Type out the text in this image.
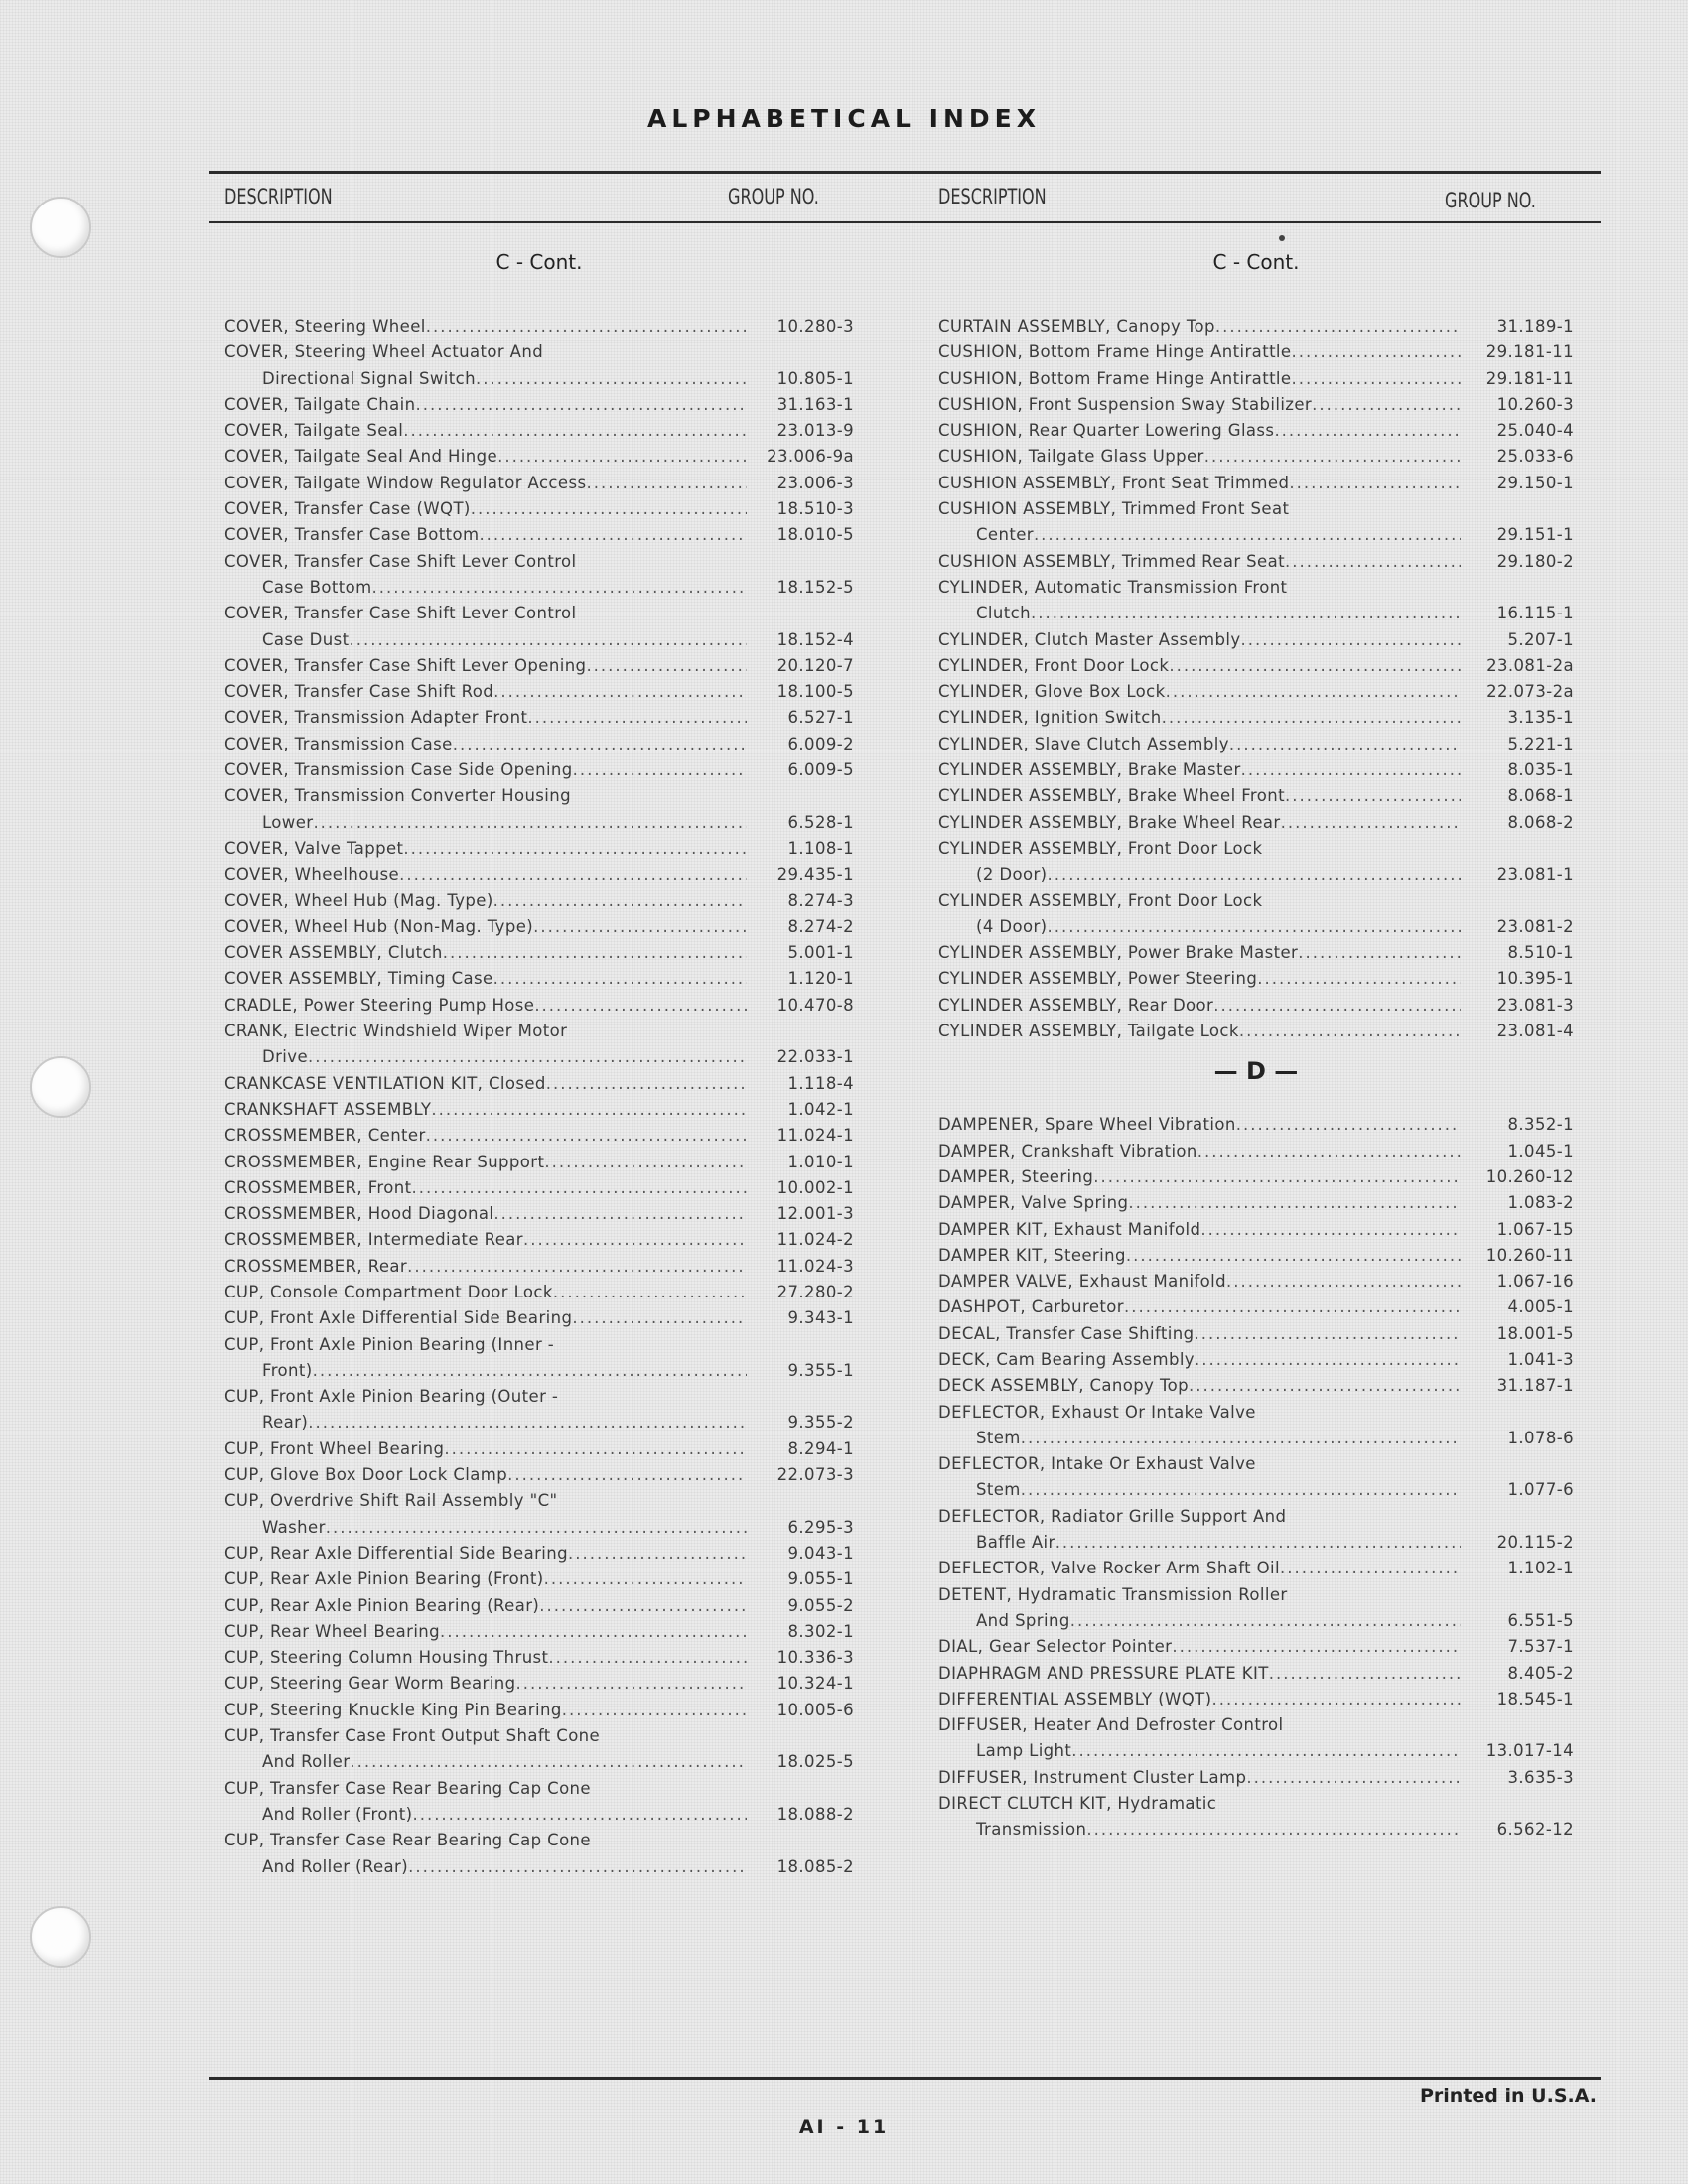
ALPHABETICAL INDEX
DESCRIPTION	GROUP NO.	DESCRIPTION	GROUP NO.
C - Cont.
COVER, Steering Wheel .....	10.280-3
COVER, Steering Wheel Actuator And
Directional Signal Switch .....	10.805-1
COVER, Tailgate Chain .....	31.163-1
COVER, Tailgate Seal .....	23.013-9
COVER, Tailgate Seal And Hinge .....	23.006-9a
COVER, Tailgate Window Regulator Access .....	23.006-3
COVER, Transfer Case (WQT) .....	18.510-3
COVER, Transfer Case Bottom .....	18.010-5
COVER, Transfer Case Shift Lever Control
Case Bottom .....	18.152-5
COVER, Transfer Case Shift Lever Control
Case Dust .....	18.152-4
COVER, Transfer Case Shift Lever Opening .....	20.120-7
COVER, Transfer Case Shift Rod .....	18.100-5
COVER, Transmission Adapter Front .....	6.527-1
COVER, Transmission Case .....	6.009-2
COVER, Transmission Case Side Opening .....	6.009-5
COVER, Transmission Converter Housing
Lower .....	6.528-1
COVER, Valve Tappet .....	1.108-1
COVER, Wheelhouse .....	29.435-1
COVER, Wheel Hub (Mag. Type) .....	8.274-3
COVER, Wheel Hub (Non-Mag. Type) .....	8.274-2
COVER ASSEMBLY, Clutch .....	5.001-1
COVER ASSEMBLY, Timing Case .....	1.120-1
CRADLE, Power Steering Pump Hose .....	10.470-8
CRANK, Electric Windshield Wiper Motor
Drive .....	22.033-1
CRANKCASE VENTILATION KIT, Closed .....	1.118-4
CRANKSHAFT ASSEMBLY .....	1.042-1
CROSSMEMBER, Center .....	11.024-1
CROSSMEMBER, Engine Rear Support .....	1.010-1
CROSSMEMBER, Front .....	10.002-1
CROSSMEMBER, Hood Diagonal .....	12.001-3
CROSSMEMBER, Intermediate Rear .....	11.024-2
CROSSMEMBER, Rear .....	11.024-3
CUP, Console Compartment Door Lock .....	27.280-2
CUP, Front Axle Differential Side Bearing .....	9.343-1
CUP, Front Axle Pinion Bearing (Inner -
Front) .....	9.355-1
CUP, Front Axle Pinion Bearing (Outer -
Rear) .....	9.355-2
CUP, Front Wheel Bearing .....	8.294-1
CUP, Glove Box Door Lock Clamp .....	22.073-3
CUP, Overdrive Shift Rail Assembly "C"
Washer .....	6.295-3
CUP, Rear Axle Differential Side Bearing .....	9.043-1
CUP, Rear Axle Pinion Bearing (Front) .....	9.055-1
CUP, Rear Axle Pinion Bearing (Rear) .....	9.055-2
CUP, Rear Wheel Bearing .....	8.302-1
CUP, Steering Column Housing Thrust .....	10.336-3
CUP, Steering Gear Worm Bearing .....	10.324-1
CUP, Steering Knuckle King Pin Bearing .....	10.005-6
CUP, Transfer Case Front Output Shaft Cone
And Roller .....	18.025-5
CUP, Transfer Case Rear Bearing Cap Cone
And Roller (Front) .....	18.088-2
CUP, Transfer Case Rear Bearing Cap Cone
And Roller (Rear) .....	18.085-2
C - Cont.
CURTAIN ASSEMBLY, Canopy Top .....	31.189-1
CUSHION, Bottom Frame Hinge Antirattle .....	29.181-11
CUSHION, Bottom Frame Hinge Antirattle .....	29.181-11
CUSHION, Front Suspension Sway Stabilizer .....	10.260-3
CUSHION, Rear Quarter Lowering Glass .....	25.040-4
CUSHION, Tailgate Glass Upper .....	25.033-6
CUSHION ASSEMBLY, Front Seat Trimmed .....	29.150-1
CUSHION ASSEMBLY, Trimmed Front Seat
Center .....	29.151-1
CUSHION ASSEMBLY, Trimmed Rear Seat .....	29.180-2
CYLINDER, Automatic Transmission Front
Clutch .....	16.115-1
CYLINDER, Clutch Master Assembly .....	5.207-1
CYLINDER, Front Door Lock .....	23.081-2a
CYLINDER, Glove Box Lock .....	22.073-2a
CYLINDER, Ignition Switch .....	3.135-1
CYLINDER, Slave Clutch Assembly .....	5.221-1
CYLINDER ASSEMBLY, Brake Master .....	8.035-1
CYLINDER ASSEMBLY, Brake Wheel Front .....	8.068-1
CYLINDER ASSEMBLY, Brake Wheel Rear .....	8.068-2
CYLINDER ASSEMBLY, Front Door Lock
(2 Door) .....	23.081-1
CYLINDER ASSEMBLY, Front Door Lock
(4 Door) .....	23.081-2
CYLINDER ASSEMBLY, Power Brake Master .....	8.510-1
CYLINDER ASSEMBLY, Power Steering .....	10.395-1
CYLINDER ASSEMBLY, Rear Door .....	23.081-3
CYLINDER ASSEMBLY, Tailgate Lock .....	23.081-4
— D —
DAMPENER, Spare Wheel Vibration .....	8.352-1
DAMPER, Crankshaft Vibration .....	1.045-1
DAMPER, Steering .....	10.260-12
DAMPER, Valve Spring .....	1.083-2
DAMPER KIT, Exhaust Manifold .....	1.067-15
DAMPER KIT, Steering .....	10.260-11
DAMPER VALVE, Exhaust Manifold .....	1.067-16
DASHPOT, Carburetor .....	4.005-1
DECAL, Transfer Case Shifting .....	18.001-5
DECK, Cam Bearing Assembly .....	1.041-3
DECK ASSEMBLY, Canopy Top .....	31.187-1
DEFLECTOR, Exhaust Or Intake Valve
Stem .....	1.078-6
DEFLECTOR, Intake Or Exhaust Valve
Stem .....	1.077-6
DEFLECTOR, Radiator Grille Support And
Baffle Air .....	20.115-2
DEFLECTOR, Valve Rocker Arm Shaft Oil .....	1.102-1
DETENT, Hydramatic Transmission Roller
And Spring .....	6.551-5
DIAL, Gear Selector Pointer .....	7.537-1
DIAPHRAGM AND PRESSURE PLATE KIT .....	8.405-2
DIFFERENTIAL ASSEMBLY (WQT) .....	18.545-1
DIFFUSER, Heater And Defroster Control
Lamp Light .....	13.017-14
DIFFUSER, Instrument Cluster Lamp .....	3.635-3
DIRECT CLUTCH KIT, Hydramatic
Transmission .....	6.562-12
Printed in U.S.A.
AI - 11
